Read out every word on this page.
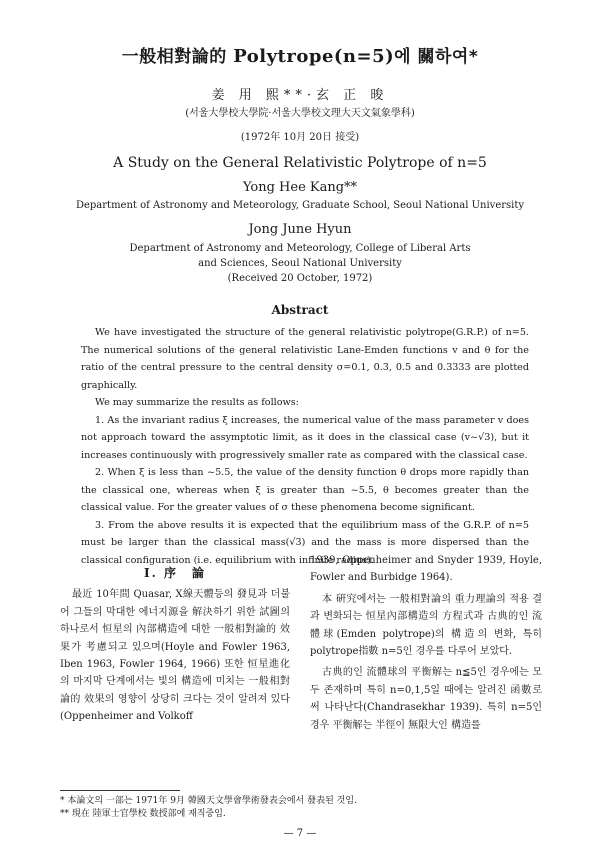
一般相對論的 Polytrope(n=5)에 關하여*
姜 用 熙**·玄 正 晙
(서울大學校大學院·서울大學校文理大天文氣象學科)
(1972年 10月 20日 接受)
A Study on the General Relativistic Polytrope of n=5
Yong Hee Kang**
Department of Astronomy and Meteorology, Graduate School, Seoul National University
Jong June Hyun
Department of Astronomy and Meteorology, College of Liberal Arts
and Sciences, Seoul National University
(Received 20 October, 1972)
Abstract

We have investigated the structure of the general relativistic polytrope(G.R.P.) of n=5. The numerical solutions of the general relativistic Lane-Emden functions v and θ for the ratio of the central pressure to the central density σ=0.1, 0.3, 0.5 and 0.3333 are plotted graphically.

We may summarize the results as follows:

1. As the invariant radius ξ increases, the numerical value of the mass parameter v does not approach toward the assymptotic limit, as it does in the classical case (v~√3), but it increases continuously with progressively smaller rate as compared with the classical case.

2. When ξ is less than ~5.5, the value of the density function θ drops more rapidly than the classical one, whereas when ξ is greater than ~5.5, θ becomes greater than the classical value. For the greater values of σ these phenomena become significant.

3. From the above results it is expected that the equilibrium mass of the G.R.P. of n=5 must be larger than the classical mass(√3) and the mass is more dispersed than the classical configuration (i.e. equilibrium with infinite radius).

I. 序　論

最近 10年間 Quasar, X線天體등의 發見과 더불어 그들의 막대한 에너지源을 解決하기 위한 試圖의 하나로서 恒星의 內部構造에 대한 一般相對論的 效果가 考慮되고 있으며(Hoyle and Fowler 1963, Iben 1963, Fowler 1964, 1966) 또한 恒星進化의 마지막 단계에서는 빛의 構造에 미치는 一般相對論的 效果의 영향이 상당히 크다는 것이 알려져 있다(Oppenheimer and Volkoff

1939, Oppenheimer and Snyder 1939, Hoyle, Fowler and Burbidge 1964).

本 硏究에서는 一般相對論의 重力理論의 적용 결과 변화되는 恒星內部構造의 方程式과 古典的인 流體球(Emden polytrope)의 構造의 변화, 특히 polytrope指數 n=5인 경우를 다루어 보았다.

古典的인 流體球의 平衡解는 n≦5인 경우에는 모두 존재하며 특히 n=0,1,5일 때에는 알려진 函數로써 나타난다(Chandrasekhar 1939). 특히 n=5인 경우 平衡解는 半徑이 無限大인 構造를

* 本論文의 一部는 1971年 9月 韓國天文學會學術發表会에서 發表된 것임.
** 現在 陸軍士官學校 数授部에 재직중임.
— 7 —
